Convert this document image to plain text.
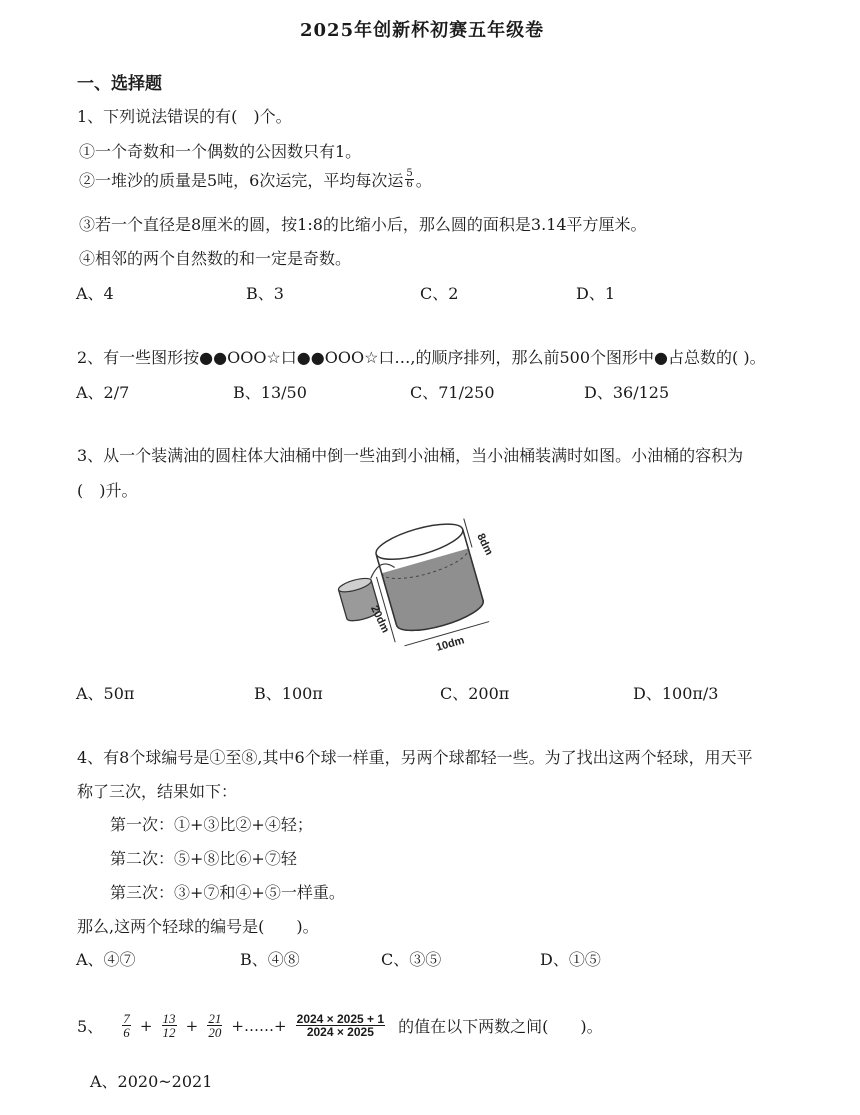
2025年创新杯初赛五年级卷
一、选择题
1、下列说法错误的有(　)个。
①一个奇数和一个偶数的公因数只有1。
②一堆沙的质量是5吨，6次运完，平均每次运 $\frac{5}{6}$ 。
③若一个直径是8厘米的圆，按1:8的比缩小后，那么圆的面积是3.14平方厘米。
④相邻的两个自然数的和一定是奇数。
A、4	B、3	C、2	D、1
2、有一些图形按●●OOO☆口●●OOO☆口…,的顺序排列，那么前500个图形中●占总数的( )。
A、2/7	B、13/50	C、71/250	D、36/125
3、从一个装满油的圆柱体大油桶中倒一些油到小油桶，当小油桶装满时如图。小油桶的容积为
(　)升。
8dm
20dm
10dm
A、50π	B、100π	C、200π	D、100π/3
4、有8个球编号是①至⑧,其中6个球一样重，另两个球都轻一些。为了找出这两个轻球，用天平
称了三次，结果如下：
第一次：①+③比②+④轻；
第二次：⑤+⑧比⑥+⑦轻
第三次：③+⑦和④+⑤一样重。
那么,这两个轻球的编号是(　　)。
A、④⑦	B、④⑧	C、③⑤	D、①⑤
5、 $\frac{7}{6} + \frac{13}{12} + \frac{21}{20}$ +……+ $\frac{2024 \times 2025 + 1}{2024 \times 2025}$ 的值在以下两数之间(　　)。
A、2020~2021
